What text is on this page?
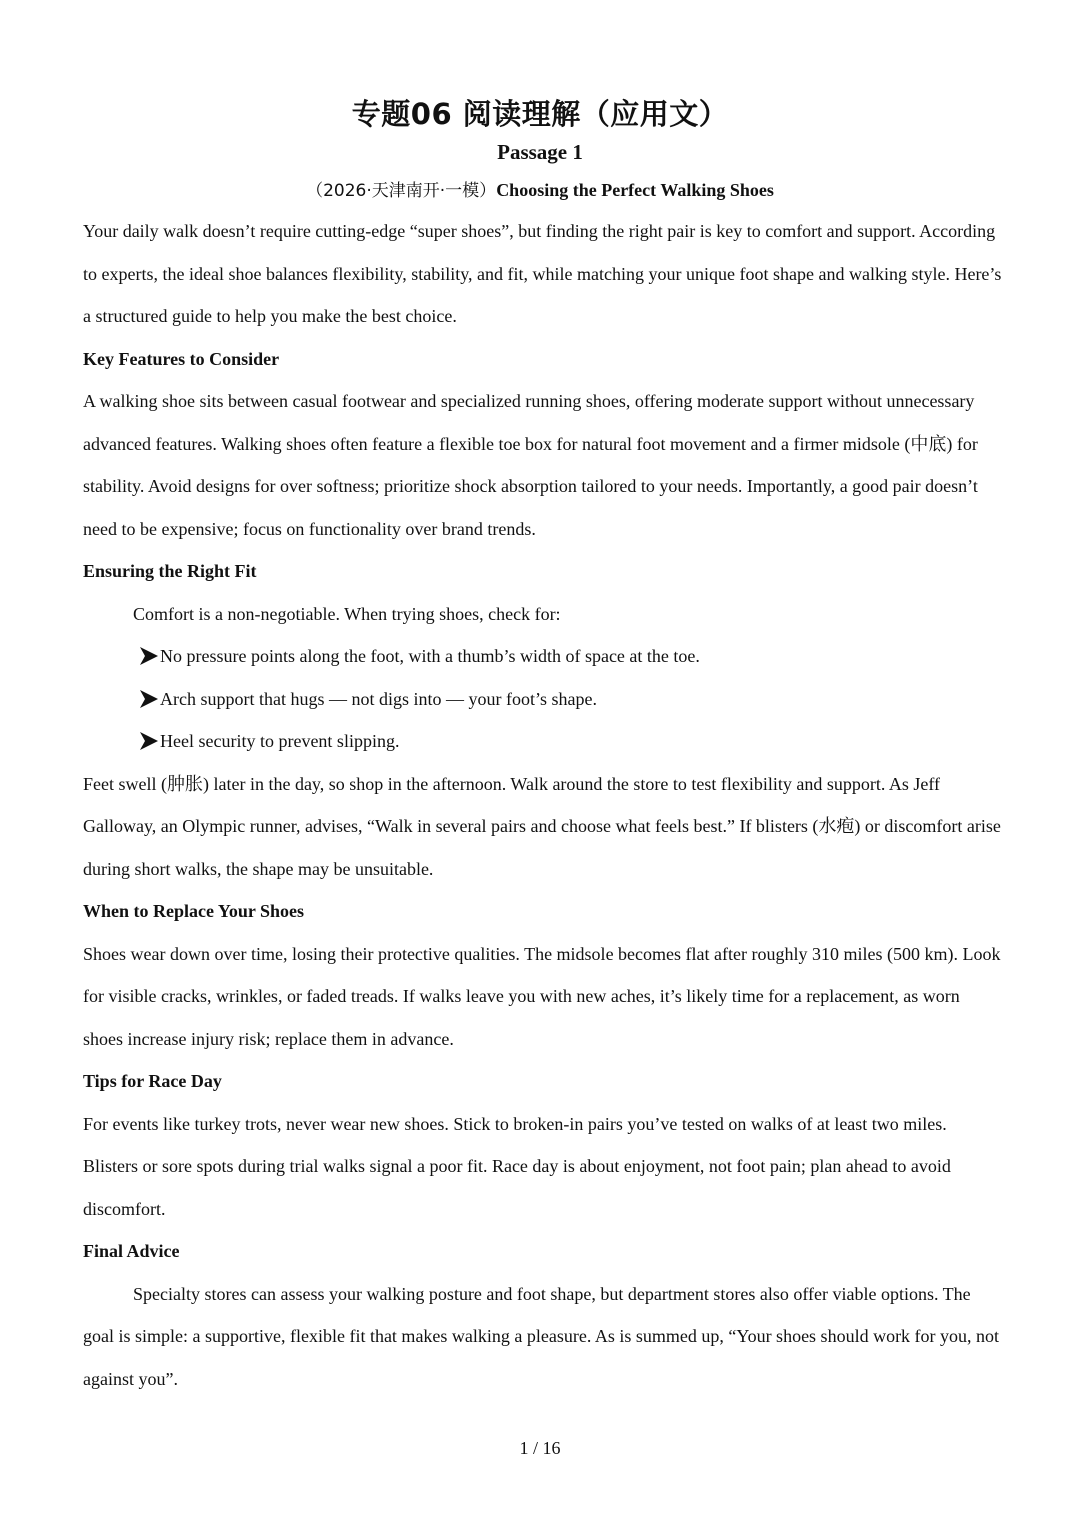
专题06 阅读理解（应用文）
Passage 1
（2026·天津南开·一模）Choosing the Perfect Walking Shoes

Your daily walk doesn’t require cutting-edge “super shoes”, but finding the right pair is key to comfort and support. According to experts, the ideal shoe balances flexibility, stability, and fit, while matching your unique foot shape and walking style. Here’s a structured guide to help you make the best choice.

Key Features to Consider

A walking shoe sits between casual footwear and specialized running shoes, offering moderate support without unnecessary advanced features. Walking shoes often feature a flexible toe box for natural foot movement and a firmer midsole (中底) for stability. Avoid designs for over softness; prioritize shock absorption tailored to your needs. Importantly, a good pair doesn’t need to be expensive; focus on functionality over brand trends.

Ensuring the Right Fit

Comfort is a non-negotiable. When trying shoes, check for:

No pressure points along the foot, with a thumb’s width of space at the toe.
Arch support that hugs — not digs into — your foot’s shape.
Heel security to prevent slipping.

Feet swell (肿胀) later in the day, so shop in the afternoon. Walk around the store to test flexibility and support. As Jeff Galloway, an Olympic runner, advises, “Walk in several pairs and choose what feels best.” If blisters (水疱) or discomfort arise during short walks, the shape may be unsuitable.

When to Replace Your Shoes

Shoes wear down over time, losing their protective qualities. The midsole becomes flat after roughly 310 miles (500 km). Look for visible cracks, wrinkles, or faded treads. If walks leave you with new aches, it’s likely time for a replacement, as worn shoes increase injury risk; replace them in advance.

Tips for Race Day

For events like turkey trots, never wear new shoes. Stick to broken-in pairs you’ve tested on walks of at least two miles. Blisters or sore spots during trial walks signal a poor fit. Race day is about enjoyment, not foot pain; plan ahead to avoid discomfort.

Final Advice

Specialty stores can assess your walking posture and foot shape, but department stores also offer viable options. The goal is simple: a supportive, flexible fit that makes walking a pleasure. As is summed up, “Your shoes should work for you, not against you”.

1 / 16
